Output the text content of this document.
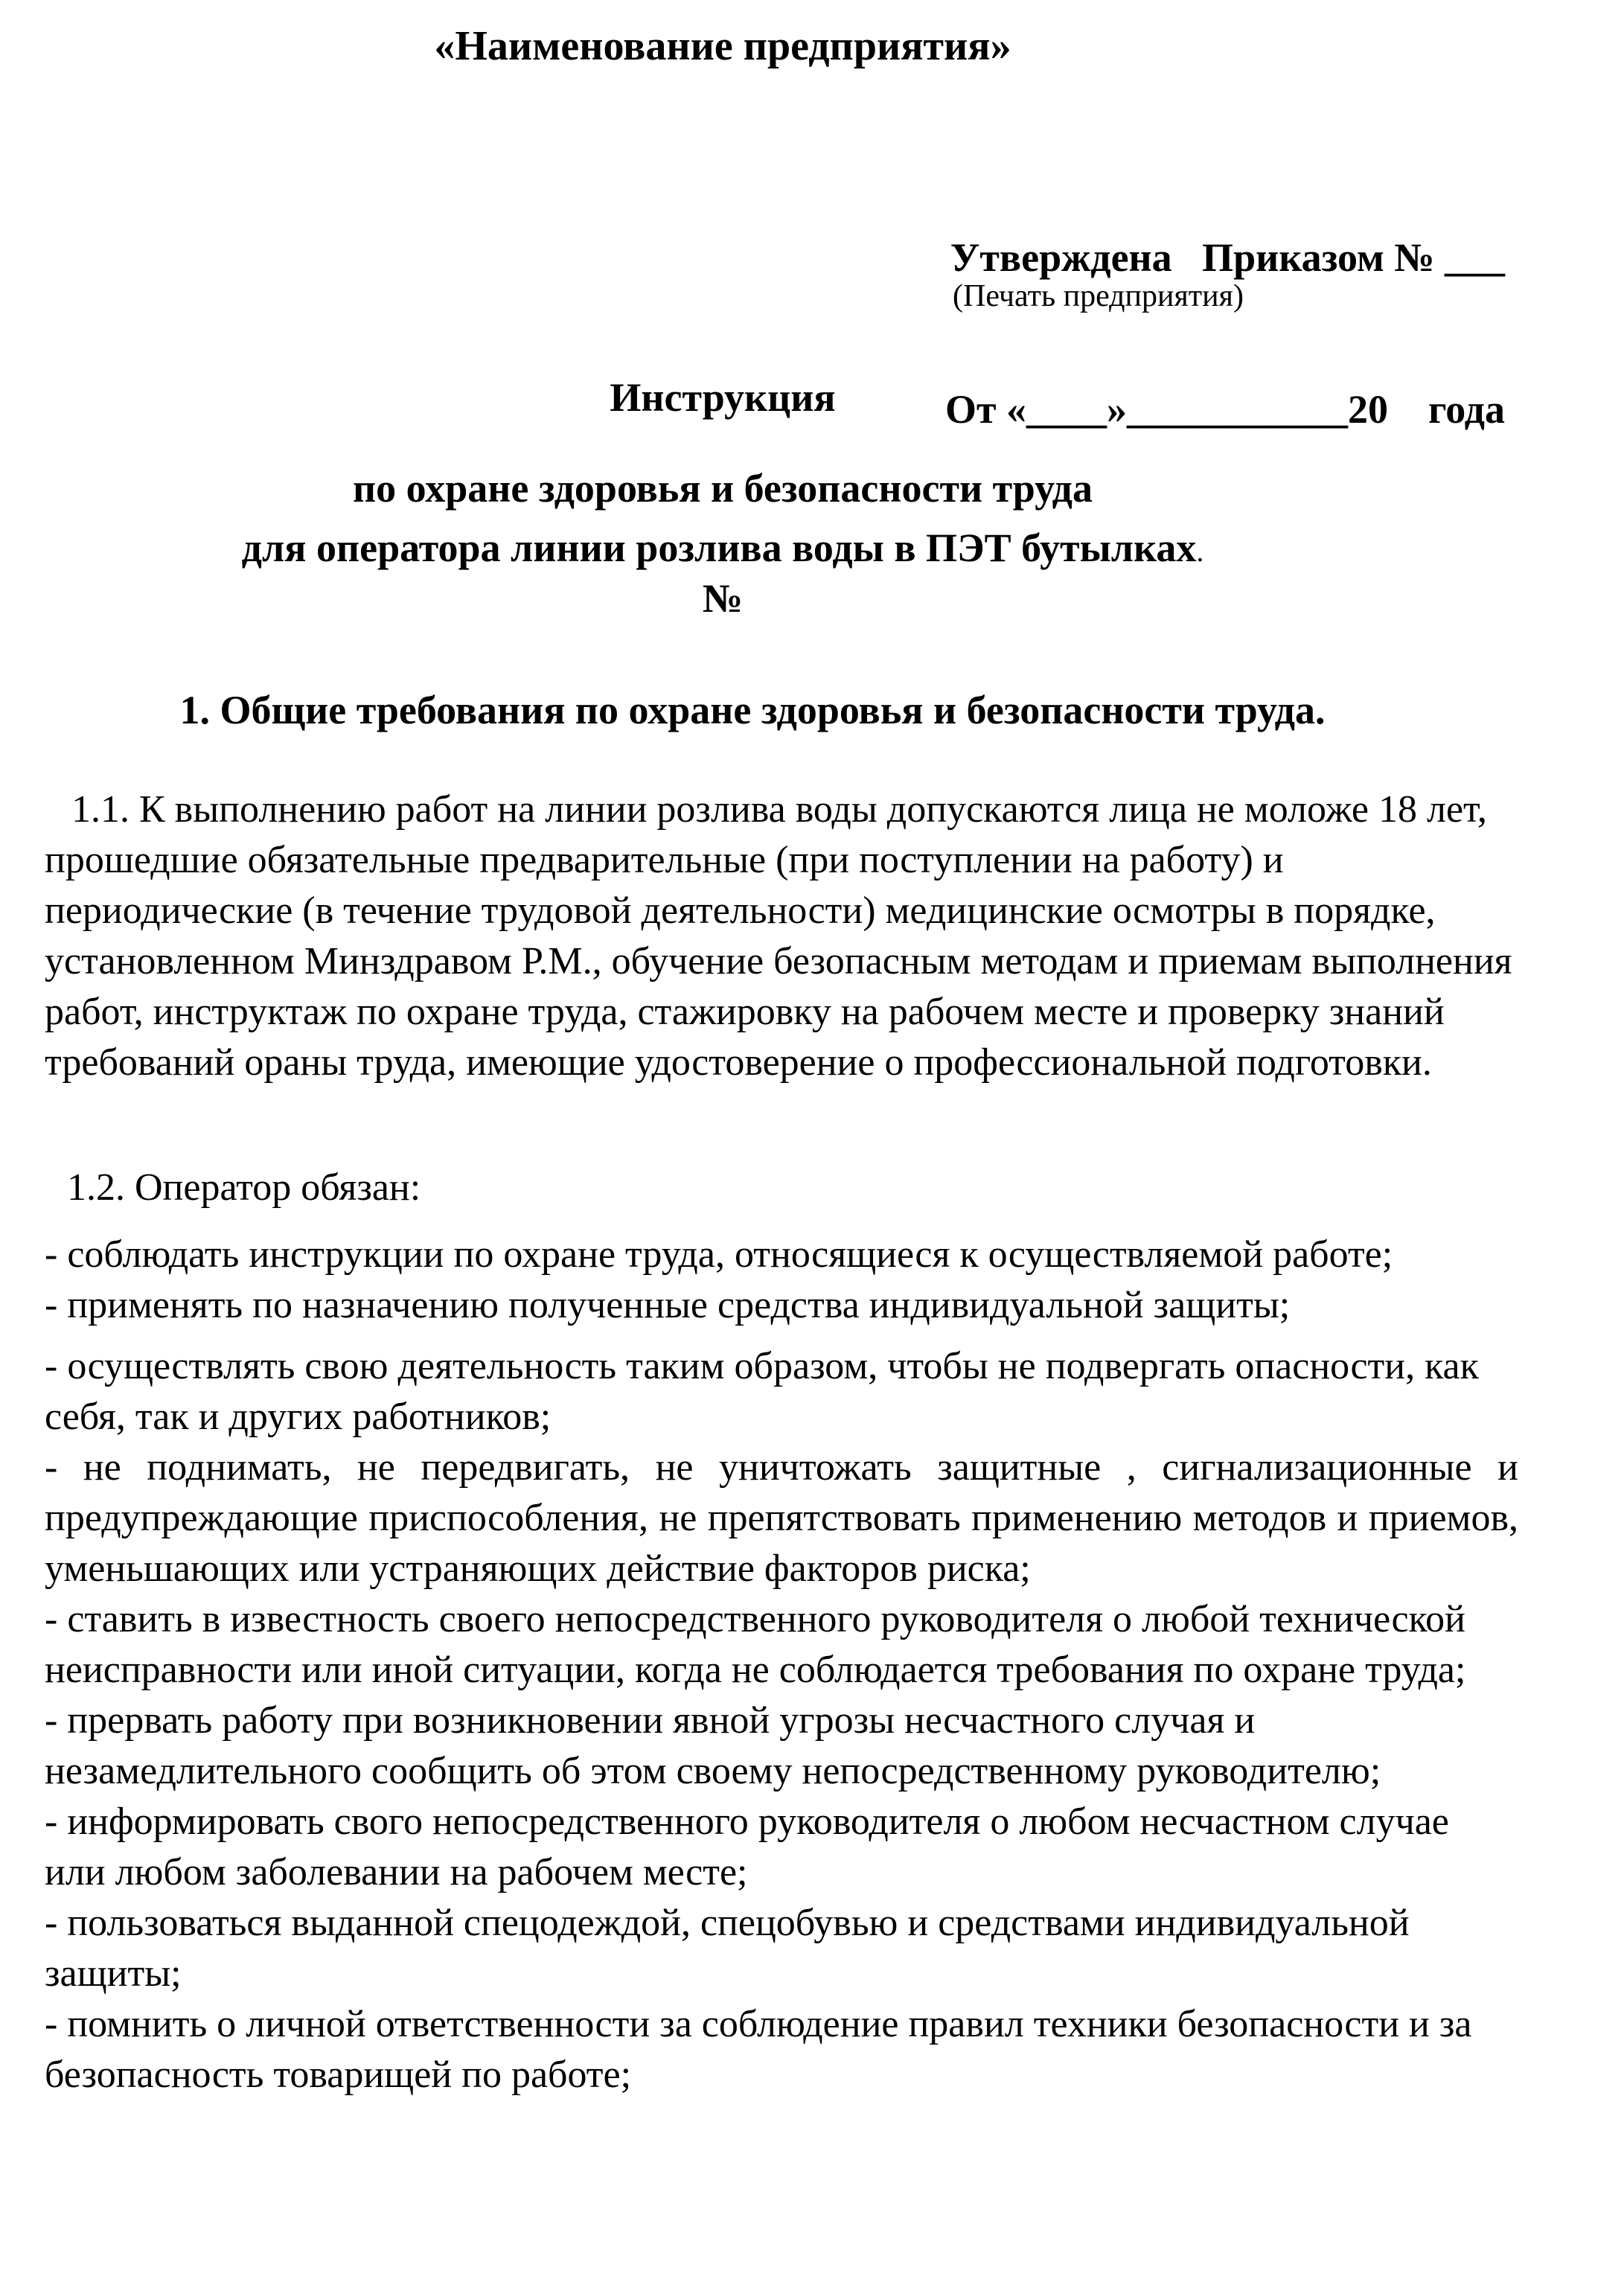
«Наименование предприятия»

Утверждена   Приказом № ___

От «____»___________20    года

(Печать предприятия)
Инструкция
по охране здоровья и безопасности труда
для оператора линии розлива воды в ПЭТ бутылках.
№
1. Общие требования по охране здоровья и безопасности труда.
1.1. К выполнению работ на линии розлива воды допускаются лица не моложе 18 лет, прошедшие обязательные предварительные (при поступлении на работу) и периодические (в течение трудовой деятельности) медицинские осмотры в порядке, установленном Минздравом Р.М., обучение безопасным методам и приемам выполнения работ, инструктаж по охране труда, стажировку на рабочем месте и проверку знаний требований ораны труда, имеющие удостоверение о профессиональной подготовки.
1.2. Оператор обязан:
- соблюдать инструкции по охране труда, относящиеся к осуществляемой работе;
- применять по назначению полученные средства индивидуальной защиты;
- осуществлять свою деятельность таким образом, чтобы не подвергать опасности, как себя, так и других работников;
- не поднимать, не передвигать, не уничтожать защитные , сигнализационные и предупреждающие приспособления, не препятствовать применению методов и приемов, уменьшающих или устраняющих действие факторов риска;
- ставить в известность своего непосредственного руководителя о любой технической неисправности или иной ситуации, когда не соблюдается требования по охране труда;
- прервать работу при возникновении явной угрозы несчастного случая и незамедлительного сообщить об этом своему непосредственному руководителю;
- информировать свого непосредственного руководителя о любом несчастном случае или любом заболевании на рабочем месте;
- пользоваться выданной спецодеждой, спецобувью и средствами индивидуальной защиты;
- помнить о личной ответственности за соблюдение правил техники безопасности и за безопасность товарищей по работе;
